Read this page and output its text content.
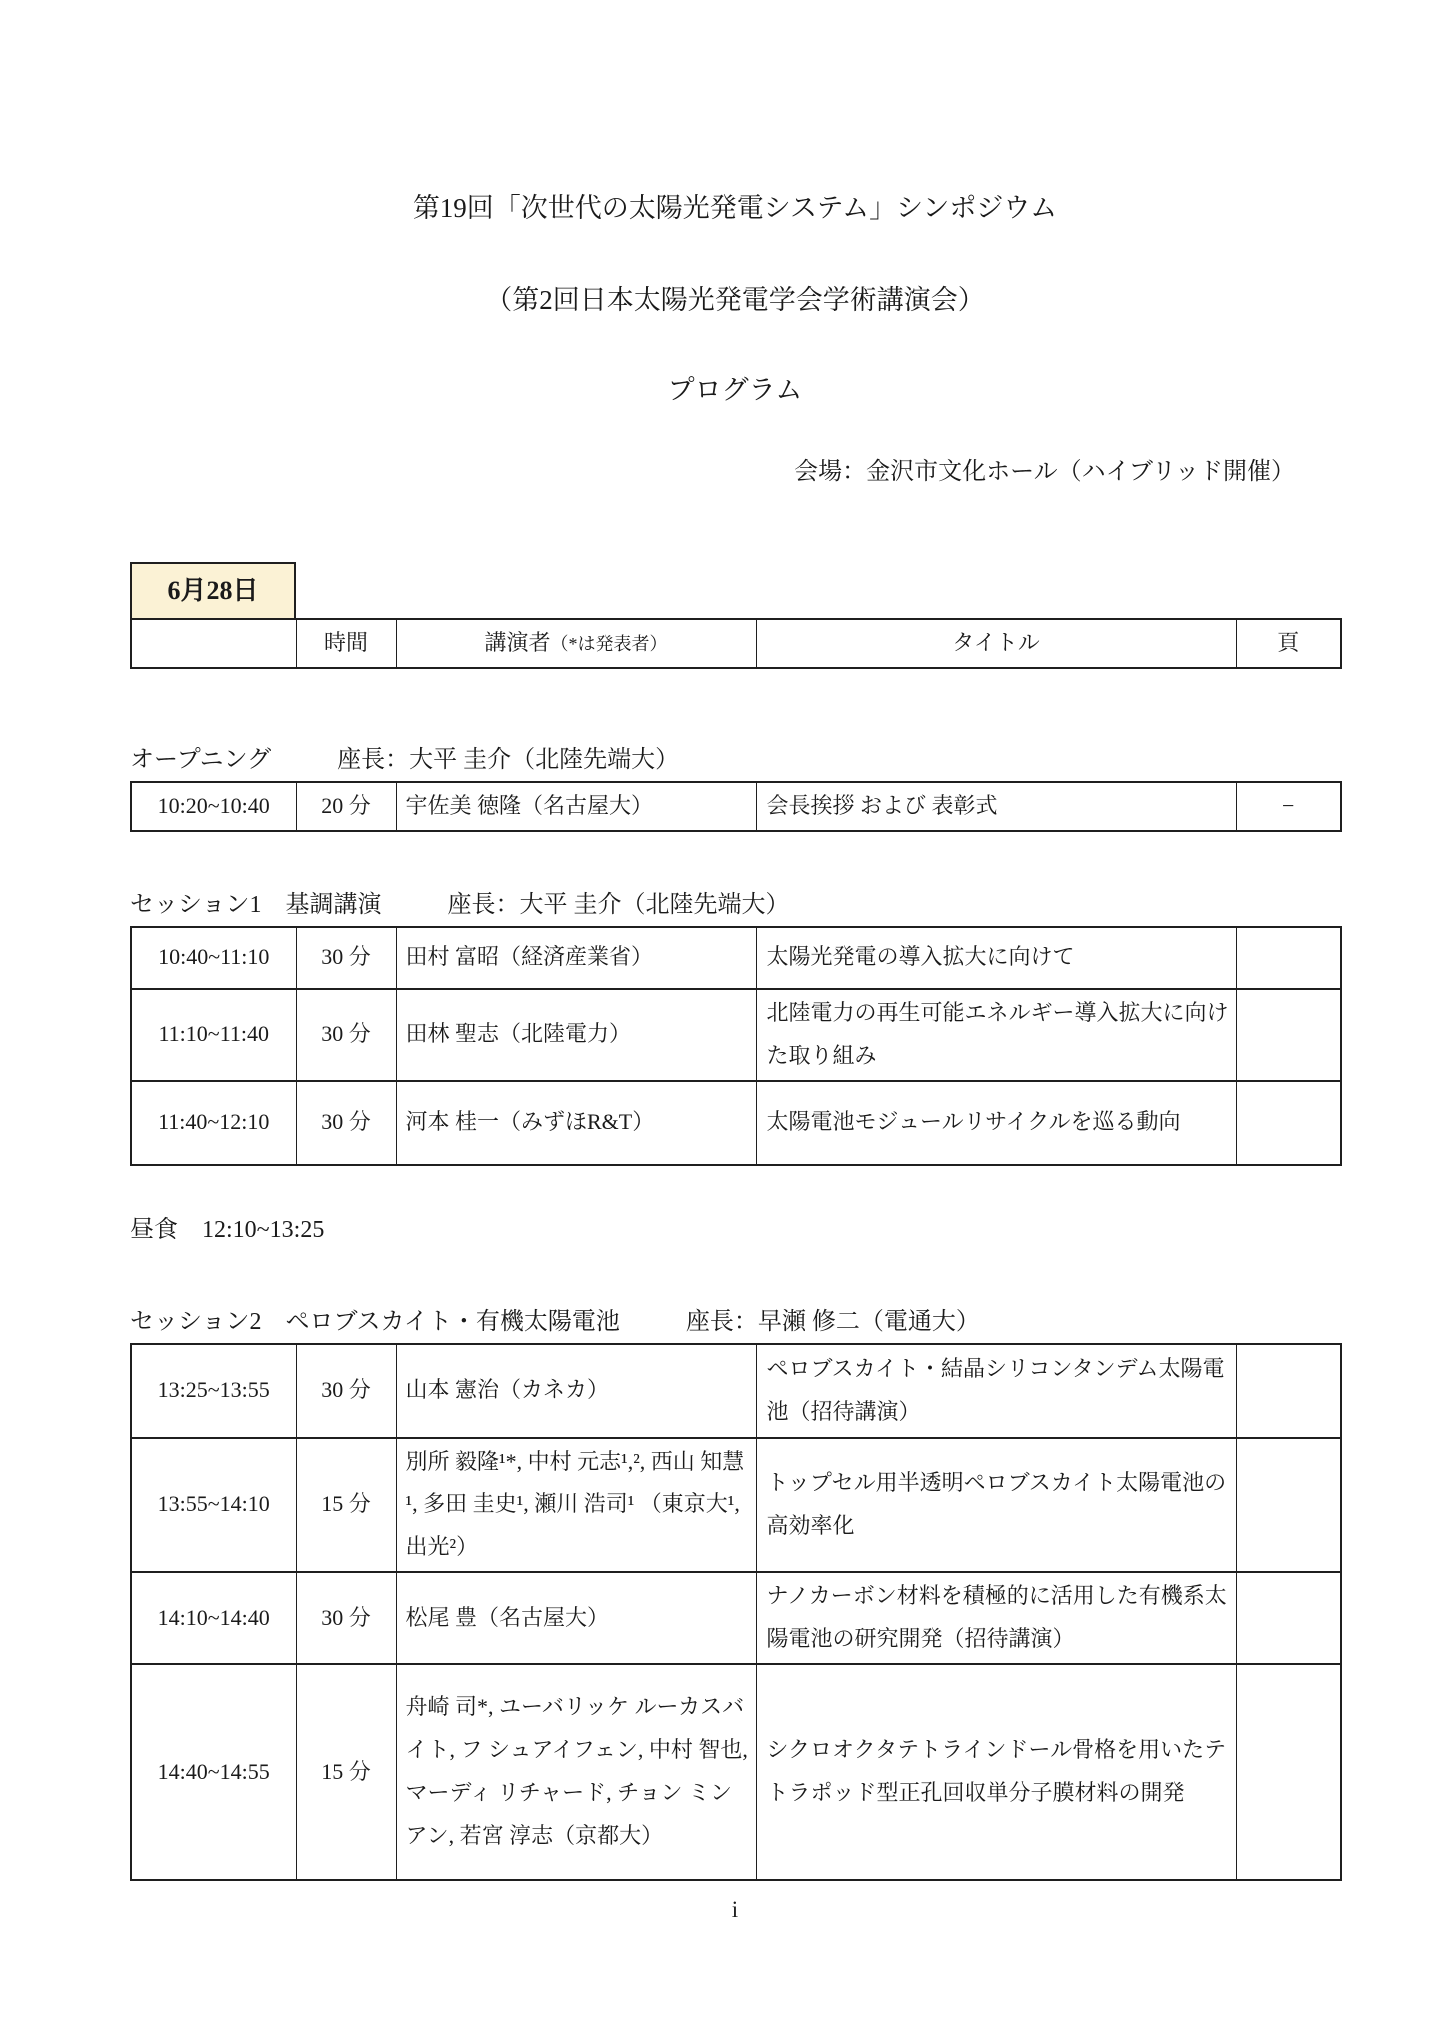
第19回「次世代の太陽光発電システム」シンポジウム
（第2回日本太陽光発電学会学術講演会）
プログラム
会場：金沢市文化ホール（ハイブリッド開催）
6月28日
	時間	講演者（*は発表者）	タイトル	頁
オープニング	座長：大平 圭介（北陸先端大）
10:20~10:40	20 分	宇佐美 徳隆（名古屋大）	会長挨拶 および 表彰式	−
セッション1　基調講演	座長：大平 圭介（北陸先端大）
10:40~11:10	30 分	田村 富昭（経済産業省）	太陽光発電の導入拡大に向けて	
11:10~11:40	30 分	田林 聖志（北陸電力）	北陸電力の再生可能エネルギー導入拡大に向けた取り組み	
11:40~12:10	30 分	河本 桂一（みずほR&T）	太陽電池モジュールリサイクルを巡る動向	
昼食　12:10~13:25
セッション2　ペロブスカイト・有機太陽電池	座長：早瀬 修二（電通大）
13:25~13:55	30 分	山本 憲治（カネカ）	ペロブスカイト・結晶シリコンタンデム太陽電池（招待講演）	
13:55~14:10	15 分	別所 毅隆¹*, 中村 元志¹,², 西山 知慧¹, 多田 圭史¹, 瀬川 浩司¹ （東京大¹, 出光²）	トップセル用半透明ペロブスカイト太陽電池の高効率化	
14:10~14:40	30 分	松尾 豊（名古屋大）	ナノカーボン材料を積極的に活用した有機系太陽電池の研究開発（招待講演）	
14:40~14:55	15 分	舟崎 司*, ユーバリッケ ルーカスバイト, フ シュアイフェン, 中村 智也, マーディ リチャード, チョン ミンアン, 若宮 淳志（京都大）	シクロオクタテトラインドール骨格を用いたテトラポッド型正孔回収単分子膜材料の開発	
i
